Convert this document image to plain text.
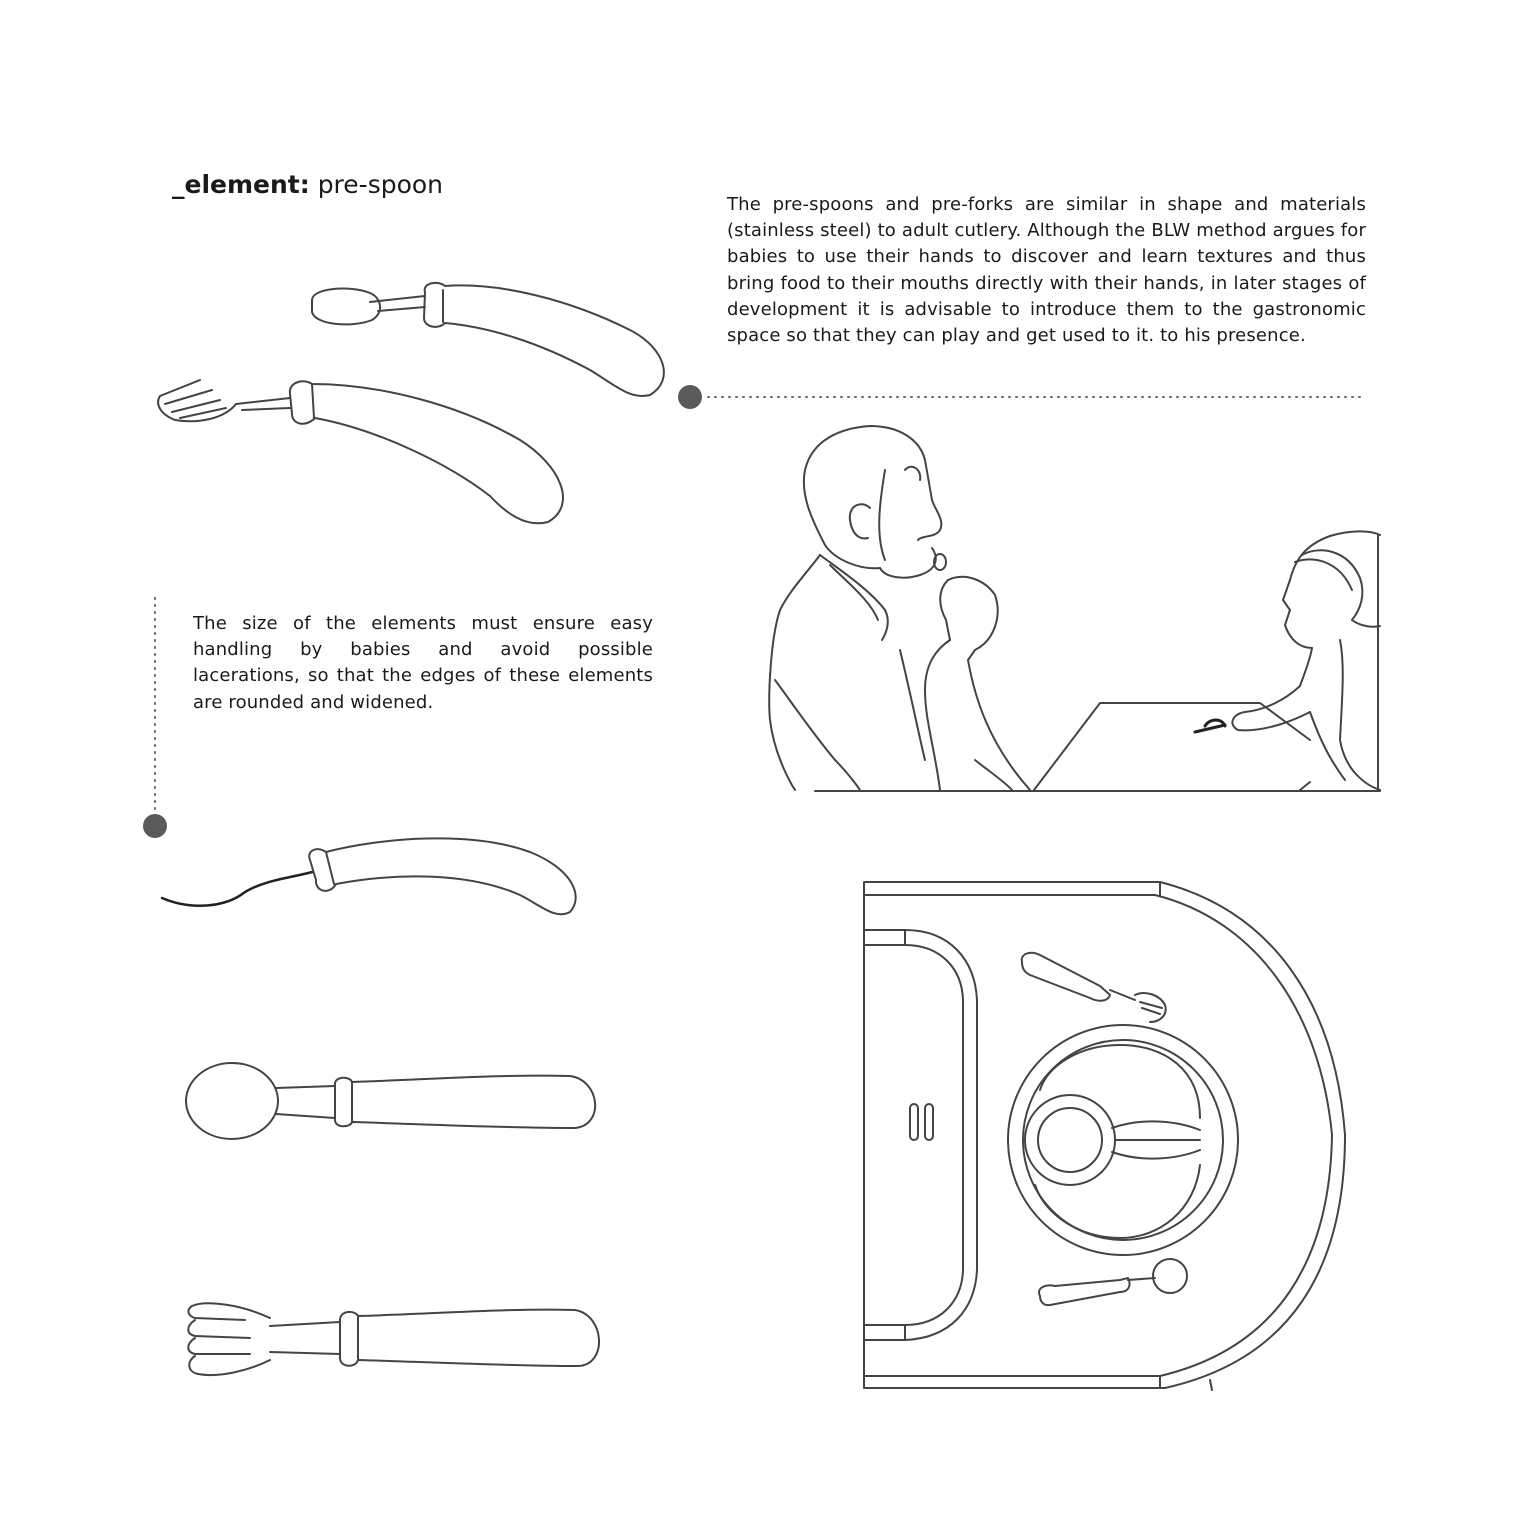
_element: pre-spoon
The pre-spoons and pre-forks are similar in shape and materials (stainless steel) to adult cutlery. Although the BLW method argues for babies to use their hands to discover and learn textures and thus bring food to their mouths directly with their hands, in later stages of development it is advisable to introduce them to the gastronomic space so that they can play and get used to it. to his presence.
The size of the elements must ensure easy handling by babies and avoid possible lacerations, so that the edges of these elements are rounded and widened.
